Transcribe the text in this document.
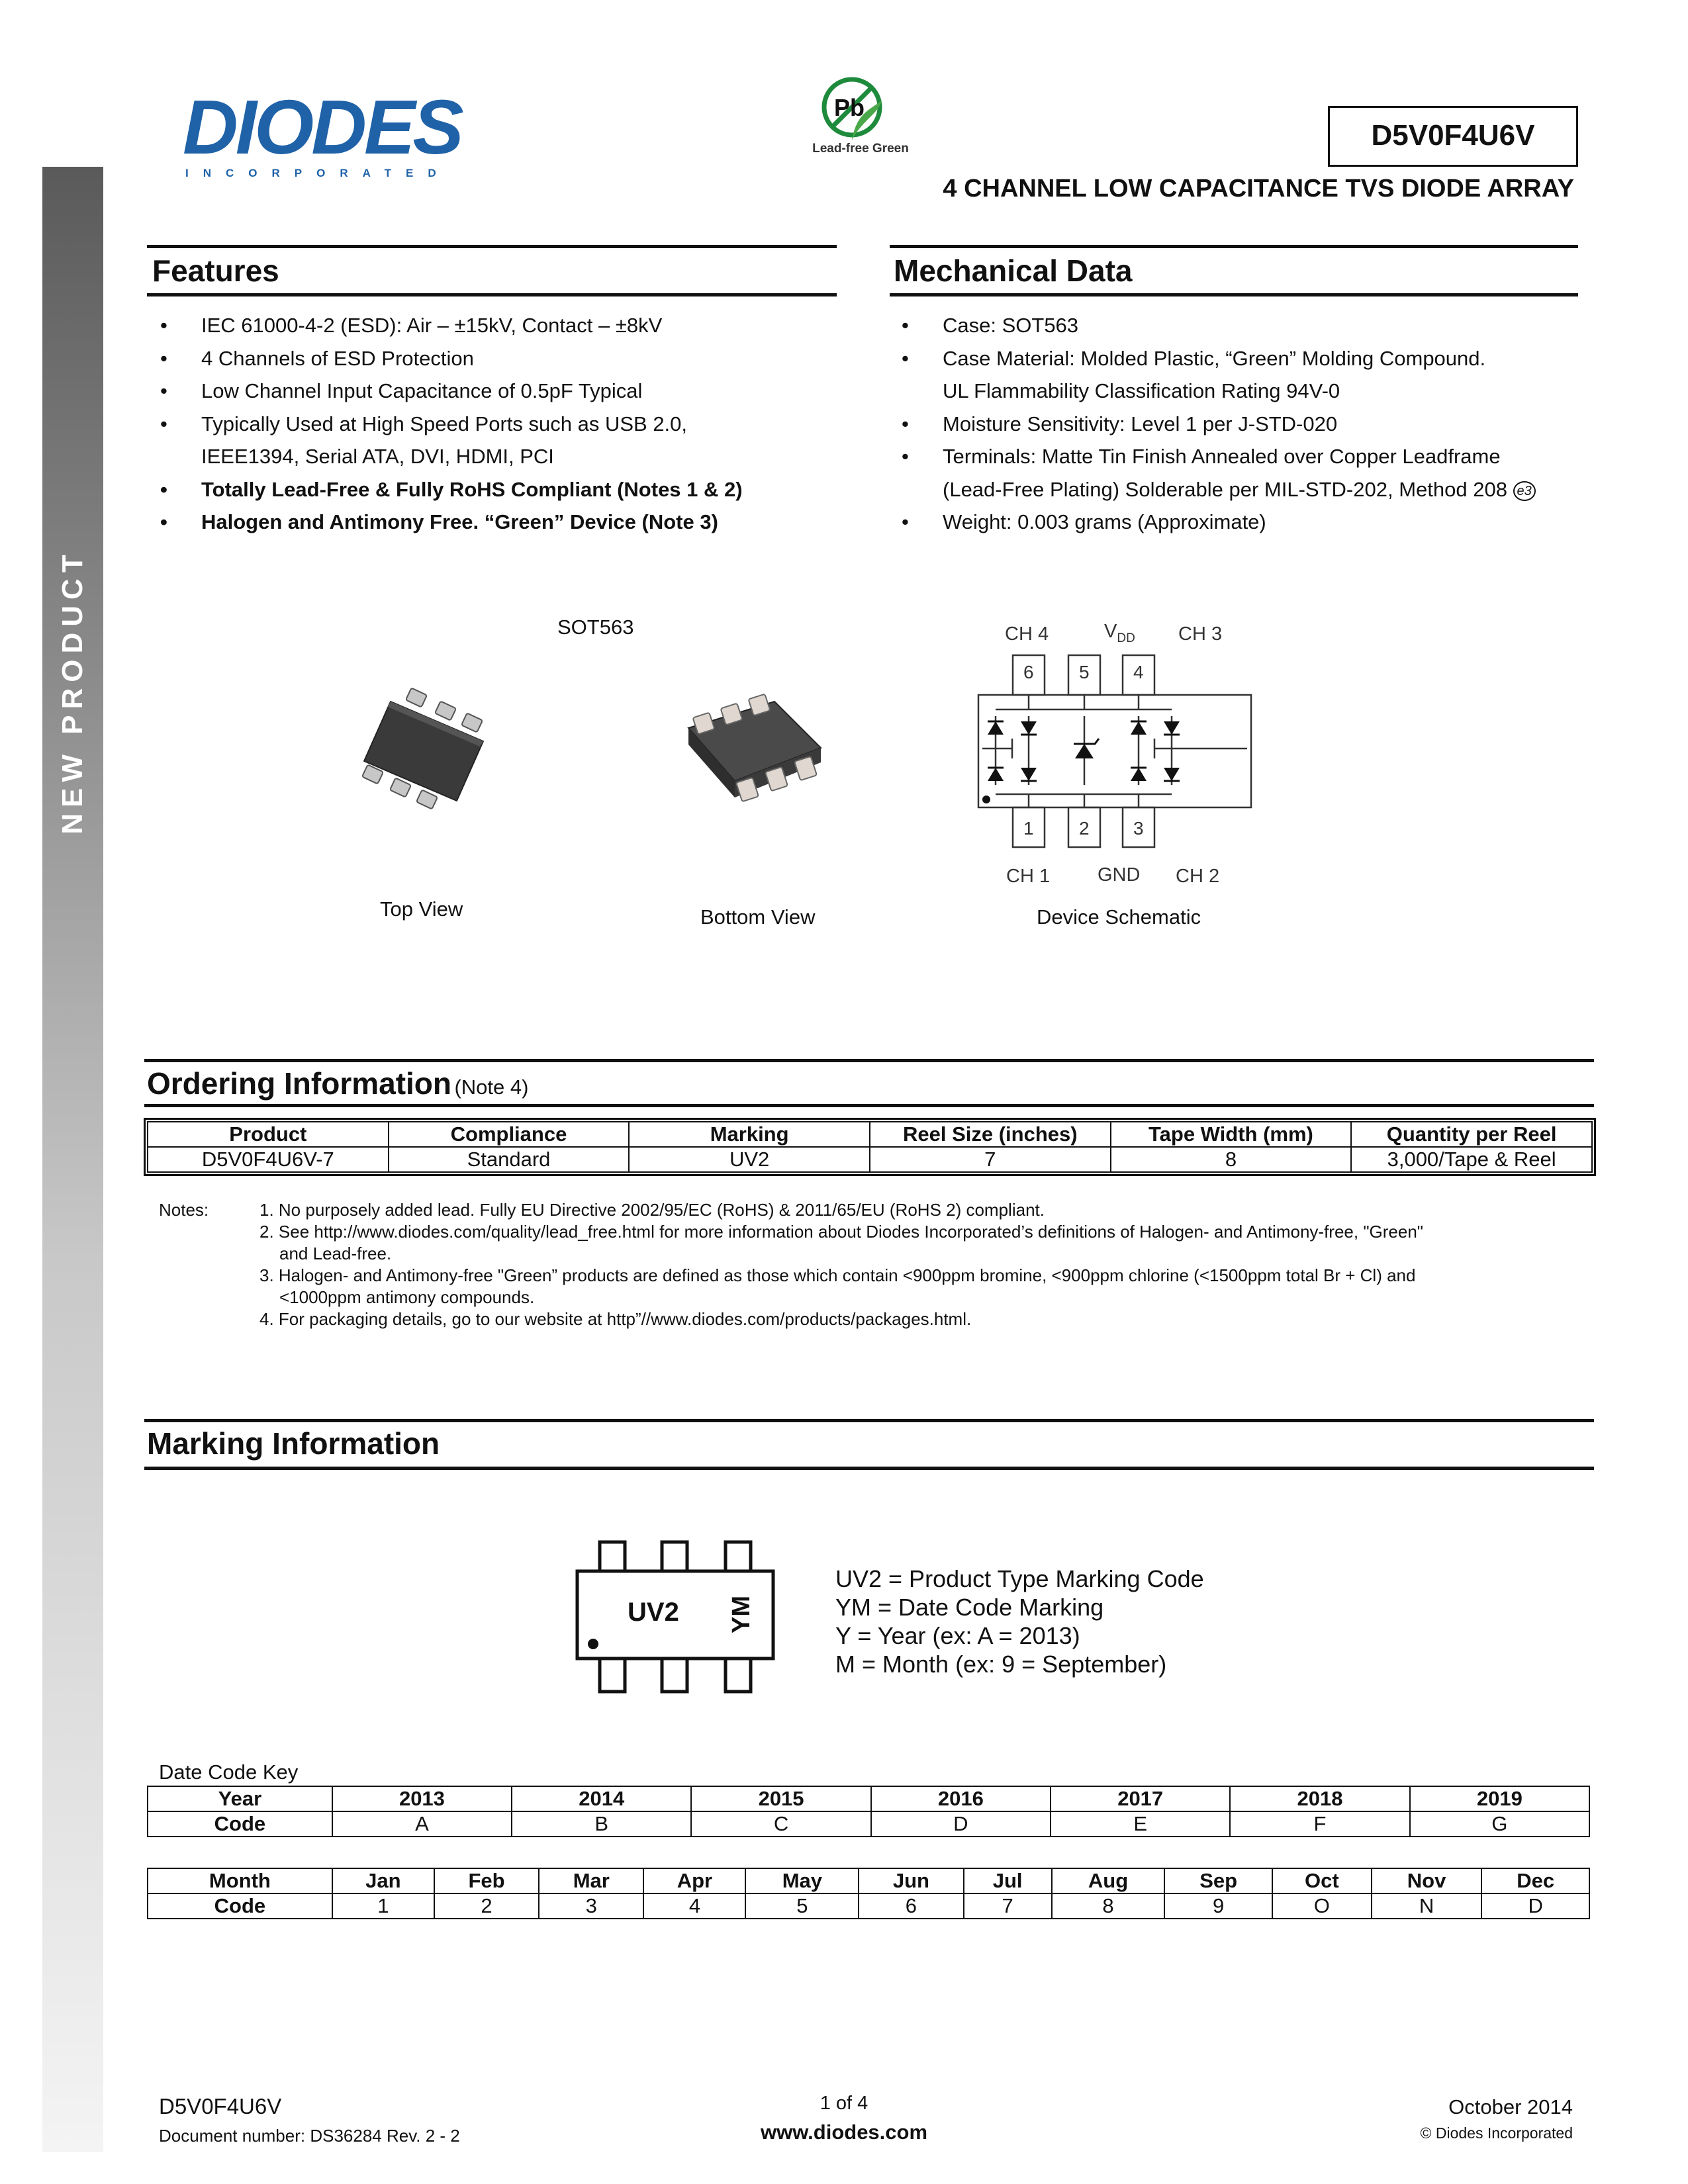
NEW PRODUCT
DIODES
INCORPORATED
Pb
Lead-free Green	D5V0F4U6V
4 CHANNEL LOW CAPACITANCE TVS DIODE ARRAY
Features
• IEC 61000-4-2 (ESD): Air – ±15kV, Contact – ±8kV
• 4 Channels of ESD Protection
• Low Channel Input Capacitance of 0.5pF Typical
• Typically Used at High Speed Ports such as USB 2.0,
IEEE1394, Serial ATA, DVI, HDMI, PCI
• Totally Lead-Free & Fully RoHS Compliant (Notes 1 & 2)
• Halogen and Antimony Free. “Green” Device (Note 3)
Mechanical Data
• Case: SOT563
• Case Material: Molded Plastic, “Green” Molding Compound.
UL Flammability Classification Rating 94V-0
• Moisture Sensitivity: Level 1 per J-STD-020
• Terminals: Matte Tin Finish Annealed over Copper Leadframe
(Lead-Free Plating) Solderable per MIL-STD-202, Method 208 e3
• Weight: 0.003 grams (Approximate)
SOT563
Top View	Bottom View
CH 4	$V_{DD}$ CH 3
6 5 4
1 2 3
CH 1 GND CH 2
Device Schematic
Ordering Information (Note 4)
Product	Compliance	Marking	Reel Size (inches)	Tape Width (mm)	Quantity per Reel
D5V0F4U6V-7	Standard	UV2	7	8	3,000/Tape & Reel
Notes:	1. No purposely added lead. Fully EU Directive 2002/95/EC (RoHS) & 2011/65/EU (RoHS 2) compliant.
2. See http://www.diodes.com/quality/lead_free.html for more information about Diodes Incorporated’s definitions of Halogen- and Antimony-free, "Green"
and Lead-free.
3. Halogen- and Antimony-free "Green” products are defined as those which contain <900ppm bromine, <900ppm chlorine (<1500ppm total Br + Cl) and
<1000ppm antimony compounds.
4. For packaging details, go to our website at http”//www.diodes.com/products/packages.html.
Marking Information
UV2 YM
UV2 = Product Type Marking Code
YM = Date Code Marking
Y = Year (ex: A = 2013)
M = Month (ex: 9 = September)
Date Code Key
Year	2013	2014	2015	2016	2017	2018	2019
Code	A	B	C	D	E	F	G
Month	Jan	Feb	Mar	Apr	May	Jun	Jul	Aug	Sep	Oct	Nov	Dec
Code	1	2	3	4	5	6	7	8	9	O	N	D
D5V0F4U6V
Document number: DS36284 Rev. 2 - 2
1 of 4
www.diodes.com
October 2014
© Diodes Incorporated
